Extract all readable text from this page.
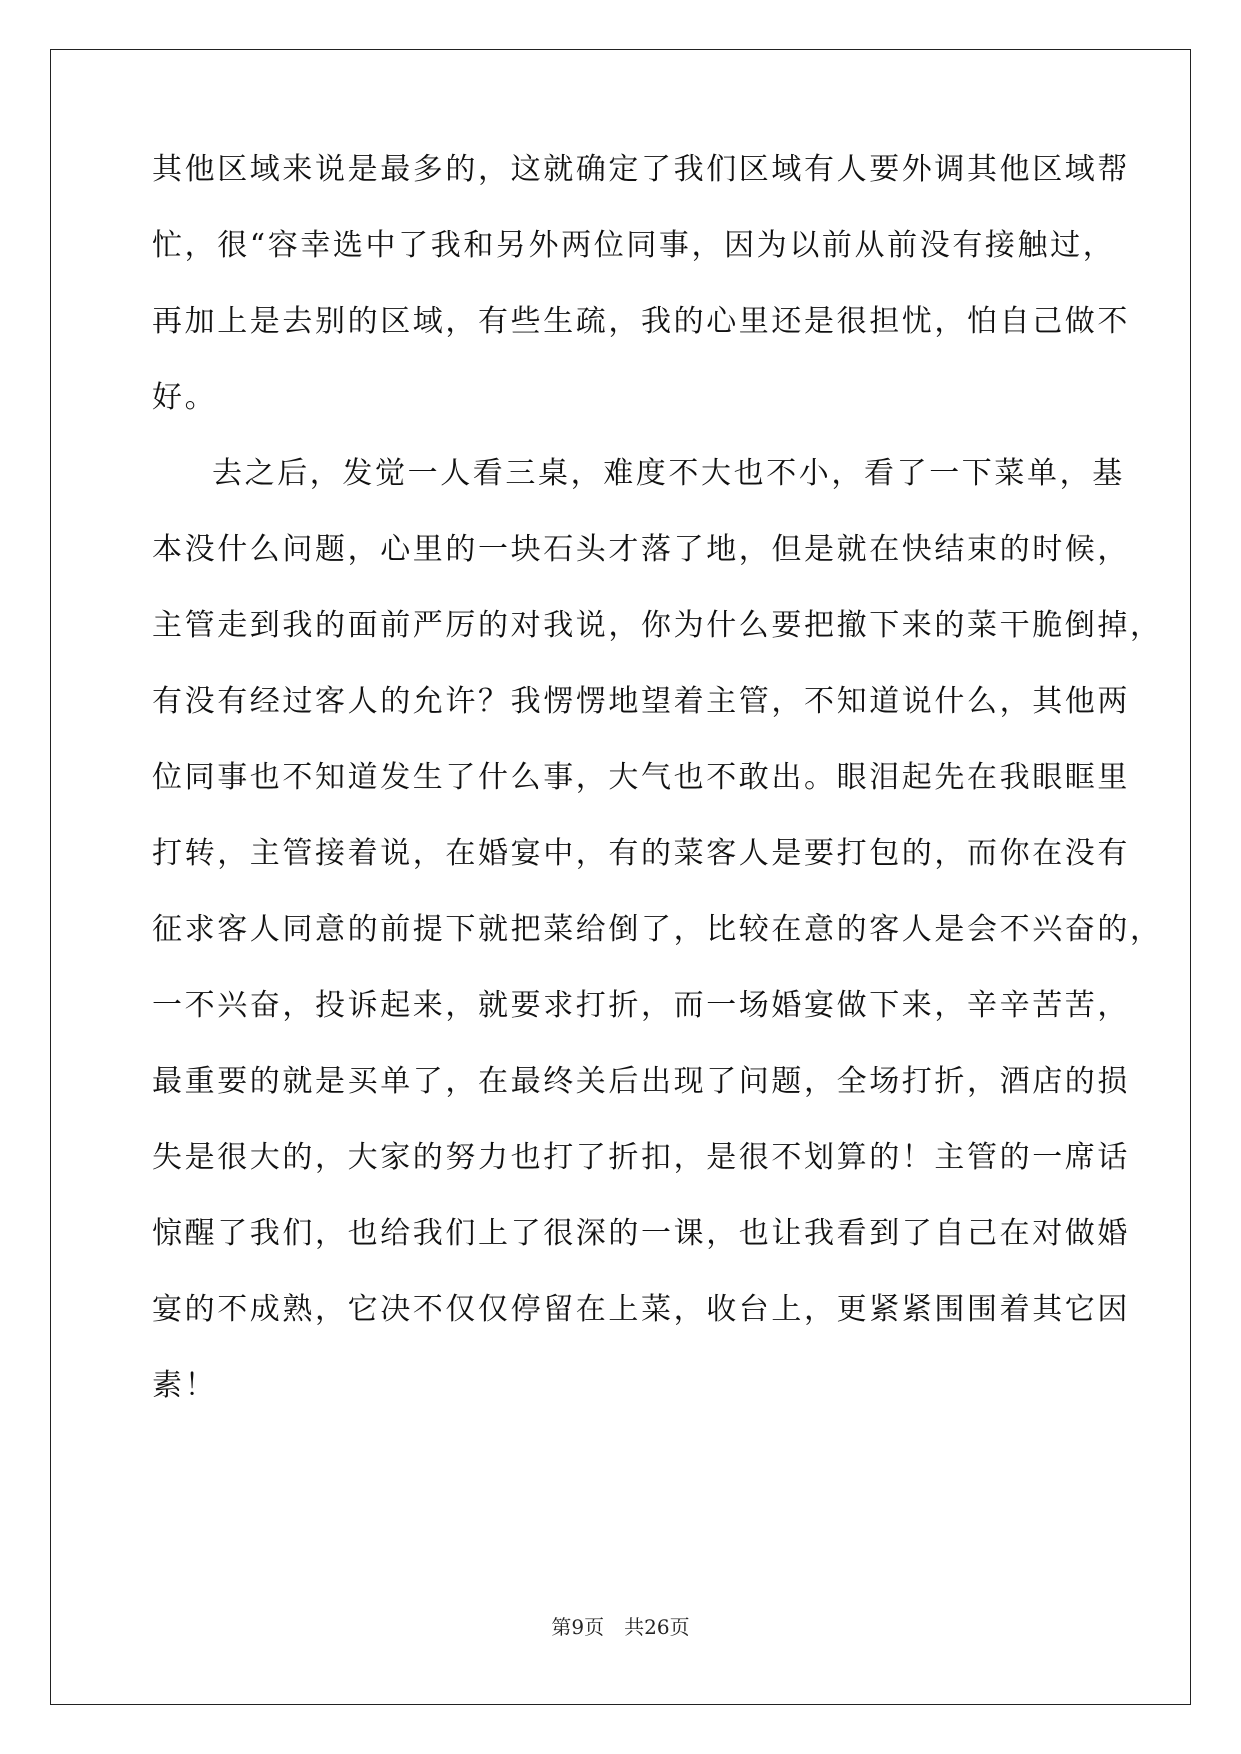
其他区域来说是最多的，这就确定了我们区域有人要外调其他区域帮
忙，很“容幸选中了我和另外两位同事，因为以前从前没有接触过，
再加上是去别的区域，有些生疏，我的心里还是很担忧，怕自己做不
好。
去之后，发觉一人看三桌，难度不大也不小，看了一下菜单，基
本没什么问题，心里的一块石头才落了地，但是就在快结束的时候，
主管走到我的面前严厉的对我说，你为什么要把撤下来的菜干脆倒掉，
有没有经过客人的允许？我愣愣地望着主管，不知道说什么，其他两
位同事也不知道发生了什么事，大气也不敢出。眼泪起先在我眼眶里
打转，主管接着说，在婚宴中，有的菜客人是要打包的，而你在没有
征求客人同意的前提下就把菜给倒了，比较在意的客人是会不兴奋的，
一不兴奋，投诉起来，就要求打折，而一场婚宴做下来，辛辛苦苦，
最重要的就是买单了，在最终关后出现了问题，全场打折，酒店的损
失是很大的，大家的努力也打了折扣，是很不划算的！主管的一席话
惊醒了我们，也给我们上了很深的一课，也让我看到了自己在对做婚
宴的不成熟，它决不仅仅停留在上菜，收台上，更紧紧围围着其它因
素！
第9页 共26页
